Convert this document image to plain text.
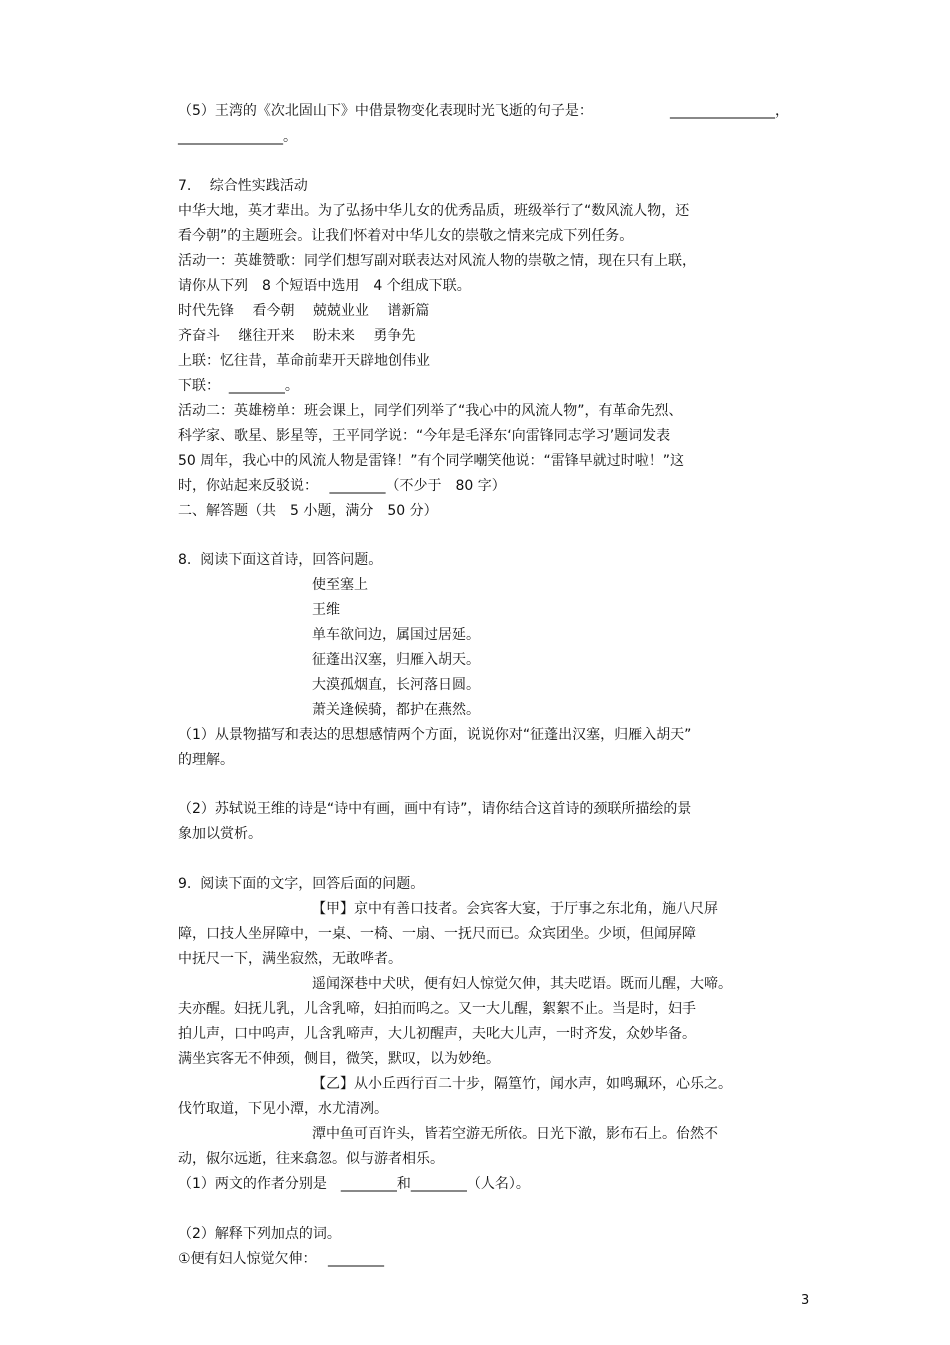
（5）王湾的《次北固山下》中借景物变化表现时光飞逝的句子是：	_______________，
_______________。
7.　 综合性实践活动
中华大地，英才辈出。为了弘扬中华儿女的优秀品质，班级举行了“数风流人物，还
看今朝”的主题班会。让我们怀着对中华儿女的崇敬之情来完成下列任务。
活动一：英雄赞歌：同学们想写副对联表达对风流人物的崇敬之情，现在只有上联，
请你从下列　8 个短语中选用　4 个组成下联。
时代先锋　 看今朝　 兢兢业业　 谱新篇
齐奋斗　 继往开来　 盼未来　 勇争先
上联：忆往昔，革命前辈开天辟地创伟业
下联：  ________。
活动二：英雄榜单：班会课上，同学们列举了“我心中的风流人物”，有革命先烈、
科学家、歌星、影星等，王平同学说：“今年是毛泽东‘向雷锋同志学习’题词发表
50 周年，我心中的风流人物是雷锋！”有个同学嘲笑他说：“雷锋早就过时啦！”这
时，你站起来反驳说：　 ________（不少于　80 字）
二、解答题（共　5 小题，满分　50 分）
8.  阅读下面这首诗，回答问题。
使至塞上
王维
单车欲问边，属国过居延。
征蓬出汉塞，归雁入胡天。
大漠孤烟直，长河落日圆。
萧关逢候骑，都护在燕然。
（1）从景物描写和表达的思想感情两个方面，说说你对“征蓬出汉塞，归雁入胡天”
的理解。
（2）苏轼说王维的诗是“诗中有画，画中有诗”，请你结合这首诗的颈联所描绘的景
象加以赏析。
9.  阅读下面的文字，回答后面的问题。
【甲】京中有善口技者。会宾客大宴，于厅事之东北角，施八尺屏
障，口技人坐屏障中，一桌、一椅、一扇、一抚尺而已。众宾团坐。少顷，但闻屏障
中抚尺一下，满坐寂然，无敢哗者。
遥闻深巷中犬吠，便有妇人惊觉欠伸，其夫呓语。既而儿醒，大啼。
夫亦醒。妇抚儿乳，儿含乳啼，妇拍而呜之。又一大儿醒，絮絮不止。当是时，妇手
拍儿声，口中呜声，儿含乳啼声，大儿初醒声，夫叱大儿声，一时齐发，众妙毕备。
满坐宾客无不伸颈，侧目，微笑，默叹，以为妙绝。
【乙】从小丘西行百二十步，隔篁竹，闻水声，如鸣珮环，心乐之。
伐竹取道，下见小潭，水尤清冽。
潭中鱼可百许头，皆若空游无所依。日光下澈，影布石上。佁然不
动，俶尔远逝，往来翕忽。似与游者相乐。
（1）两文的作者分别是　________和________（人名）。
（2）解释下列加点的词。
①便有妇人惊觉欠伸：　 ________
3
